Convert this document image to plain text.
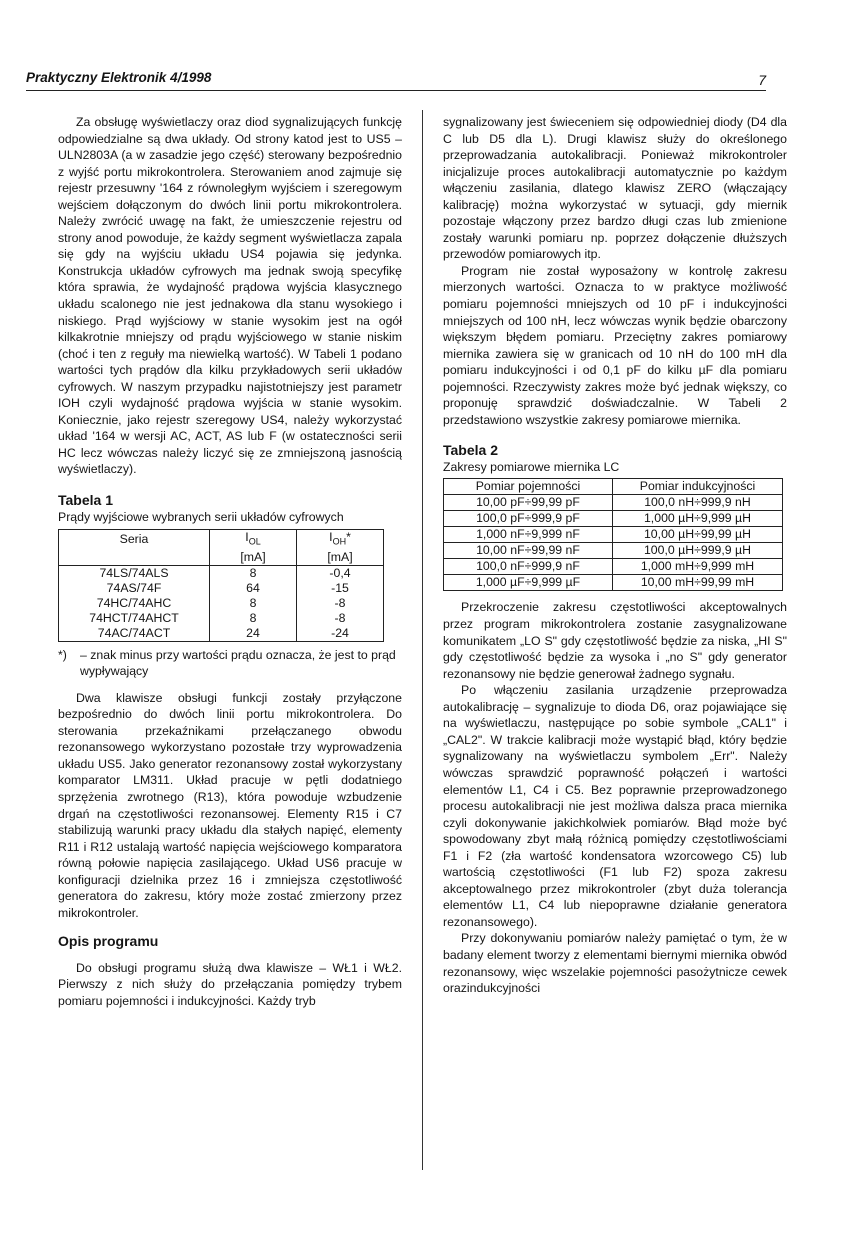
Praktyczny Elektronik 4/1998	7

Za obsługę wyświetlaczy oraz diod sygnalizujących funkcję odpowiedzialne są dwa układy. Od strony katod jest to US5 – ULN2803A (a w zasadzie jego część) sterowany bezpośrednio z wyjść portu mikrokontrolera. Sterowaniem anod zajmuje się rejestr przesuwny '164 z równoległym wyjściem i szeregowym wejściem dołączonym do dwóch linii portu mikrokontrolera. Należy zwrócić uwagę na fakt, że umieszczenie rejestru od strony anod powoduje, że każdy segment wyświetlacza zapala się gdy na wyjściu układu US4 pojawia się jedynka. Konstrukcja układów cyfrowych ma jednak swoją specyfikę która sprawia, że wydajność prądowa wyjścia klasycznego układu scalonego nie jest jednakowa dla stanu wysokiego i niskiego. Prąd wyjściowy w stanie wysokim jest na ogół kilkakrotnie mniejszy od prądu wyjściowego w stanie niskim (choć i ten z reguły ma niewielką wartość). W Tabeli 1 podano wartości tych prądów dla kilku przykładowych serii układów cyfrowych. W naszym przypadku najistotniejszy jest parametr IOH czyli wydajność prądowa wyjścia w stanie wysokim. Koniecznie, jako rejestr szeregowy US4, należy wykorzystać układ '164 w wersji AC, ACT, AS lub F (w ostateczności serii HC lecz wówczas należy liczyć się ze zmniejszoną jasnością wyświetlaczy).

Tabela 1
Prądy wyjściowe wybranych serii układów cyfrowych
Seria	$I_{OL}$	$I_{OH}*$
	[mA]	[mA]
74LS/74ALS	8	-0,4
74AS/74F	64	-15
74HC/74AHC	8	-8
74HCT/74AHCT	8	-8
74AC/74ACT	24	-24
*)	– znak minus przy wartości prądu oznacza, że jest to prąd wypływający

Dwa klawisze obsługi funkcji zostały przyłączone bezpośrednio do dwóch linii portu mikrokontrolera. Do sterowania przekaźnikami przełączanego obwodu rezonansowego wykorzystano pozostałe trzy wyprowadzenia układu US5. Jako generator rezonansowy został wykorzystany komparator LM311. Układ pracuje w pętli dodatniego sprzężenia zwrotnego (R13), która powoduje wzbudzenie drgań na częstotliwości rezonansowej. Elementy R15 i C7 stabilizują warunki pracy układu dla stałych napięć, elementy R11 i R12 ustalają wartość napięcia wejściowego komparatora równą połowie napięcia zasilającego. Układ US6 pracuje w konfiguracji dzielnika przez 16 i zmniejsza częstotliwość generatora do zakresu, który może zostać zmierzony przez mikrokontroler.

Opis programu

Do obsługi programu służą dwa klawisze – WŁ1 i WŁ2. Pierwszy z nich służy do przełączania pomiędzy trybem pomiaru pojemności i indukcyjności. Każdy tryb

sygnalizowany jest świeceniem się odpowiedniej diody (D4 dla C lub D5 dla L). Drugi klawisz służy do określonego przeprowadzania autokalibracji. Ponieważ mikrokontroler inicjalizuje proces autokalibracji automatycznie po każdym włączeniu zasilania, dlatego klawisz ZERO (włączający kalibrację) można wykorzystać w sytuacji, gdy miernik pozostaje włączony przez bardzo długi czas lub zmienione zostały warunki pomiaru np. poprzez dołączenie dłuższych przewodów pomiarowych itp.

Program nie został wyposażony w kontrolę zakresu mierzonych wartości. Oznacza to w praktyce możliwość pomiaru pojemności mniejszych od 10 pF i indukcyjności mniejszych od 100 nH, lecz wówczas wynik będzie obarczony większym błędem pomiaru. Przeciętny zakres pomiarowy miernika zawiera się w granicach od 10 nH do 100 mH dla pomiaru indukcyjności i od 0,1 pF do kilku µF dla pomiaru pojemności. Rzeczywisty zakres może być jednak większy, co proponuję sprawdzić doświadczalnie. W Tabeli 2 przedstawiono wszystkie zakresy pomiarowe miernika.

Tabela 2
Zakresy pomiarowe miernika LC
Pomiar pojemności	Pomiar indukcyjności
10,00 pF÷99,99 pF	100,0 nH÷999,9 nH
100,0 pF÷999,9 pF	1,000 µH÷9,999 µH
1,000 nF÷9,999 nF	10,00 µH÷99,99 µH
10,00 nF÷99,99 nF	100,0 µH÷999,9 µH
100,0 nF÷999,9 nF	1,000 mH÷9,999 mH
1,000 µF÷9,999 µF	10,00 mH÷99,99 mH

Przekroczenie zakresu częstotliwości akceptowalnych przez program mikrokontrolera zostanie zasygnalizowane komunikatem „LO S" gdy częstotliwość będzie za niska, „HI S" gdy częstotliwość będzie za wysoka i „no S" gdy generator rezonansowy nie będzie generował żadnego sygnału.

Po włączeniu zasilania urządzenie przeprowadza autokalibrację – sygnalizuje to dioda D6, oraz pojawiające się na wyświetlaczu, następujące po sobie symbole „CAL1" i „CAL2". W trakcie kalibracji może wystąpić błąd, który będzie sygnalizowany na wyświetlaczu symbolem „Err". Należy wówczas sprawdzić poprawność połączeń i wartości elementów L1, C4 i C5. Bez poprawnie przeprowadzonego procesu autokalibracji nie jest możliwa dalsza praca miernika czyli dokonywanie jakichkolwiek pomiarów. Błąd może być spowodowany zbyt małą różnicą pomiędzy częstotliwościami F1 i F2 (zła wartość kondensatora wzorcowego C5) lub wartością częstotliwości (F1 lub F2) spoza zakresu akceptowalnego przez mikrokontroler (zbyt duża tolerancja elementów L1, C4 lub niepoprawne działanie generatora rezonansowego).

Przy dokonywaniu pomiarów należy pamiętać o tym, że w badany element tworzy z elementami biernymi miernika obwód rezonansowy, więc wszelakie pojemności pasożytnicze cewek orazindukcyjności
